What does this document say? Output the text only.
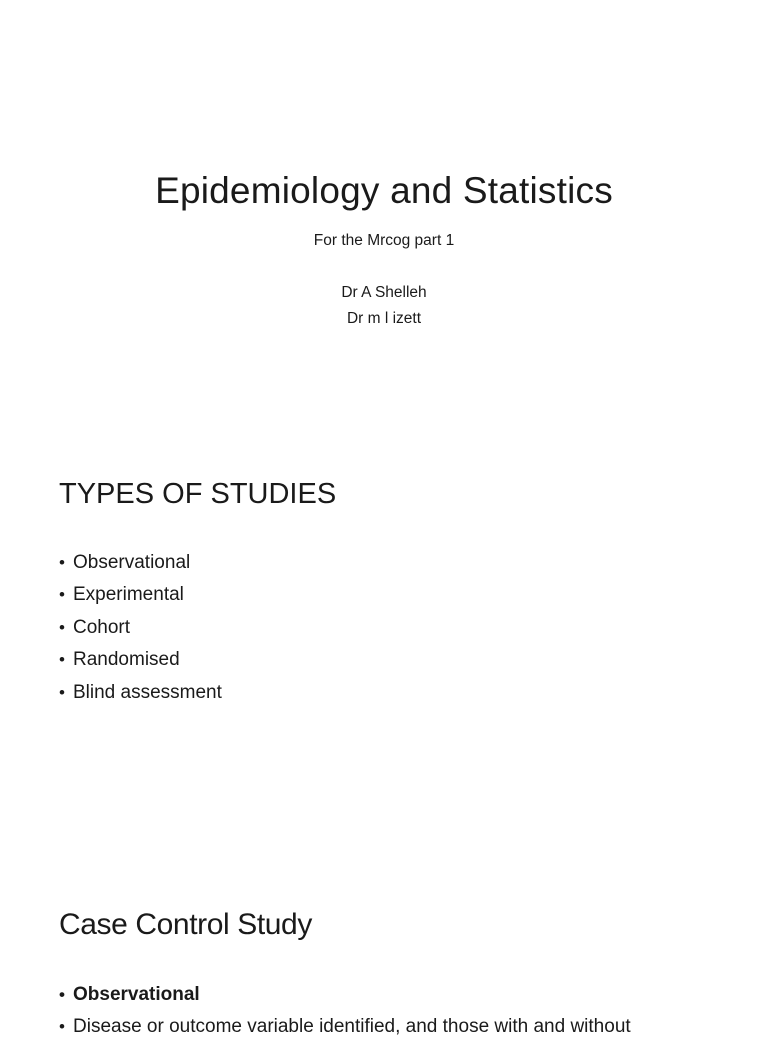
Epidemiology and Statistics
For the Mrcog part 1
Dr A Shelleh
Dr m l izett
TYPES OF STUDIES
• Observational
• Experimental
• Cohort
• Randomised
• Blind assessment
Case Control Study
• Observational
• Disease or outcome variable identified, and those with and without
